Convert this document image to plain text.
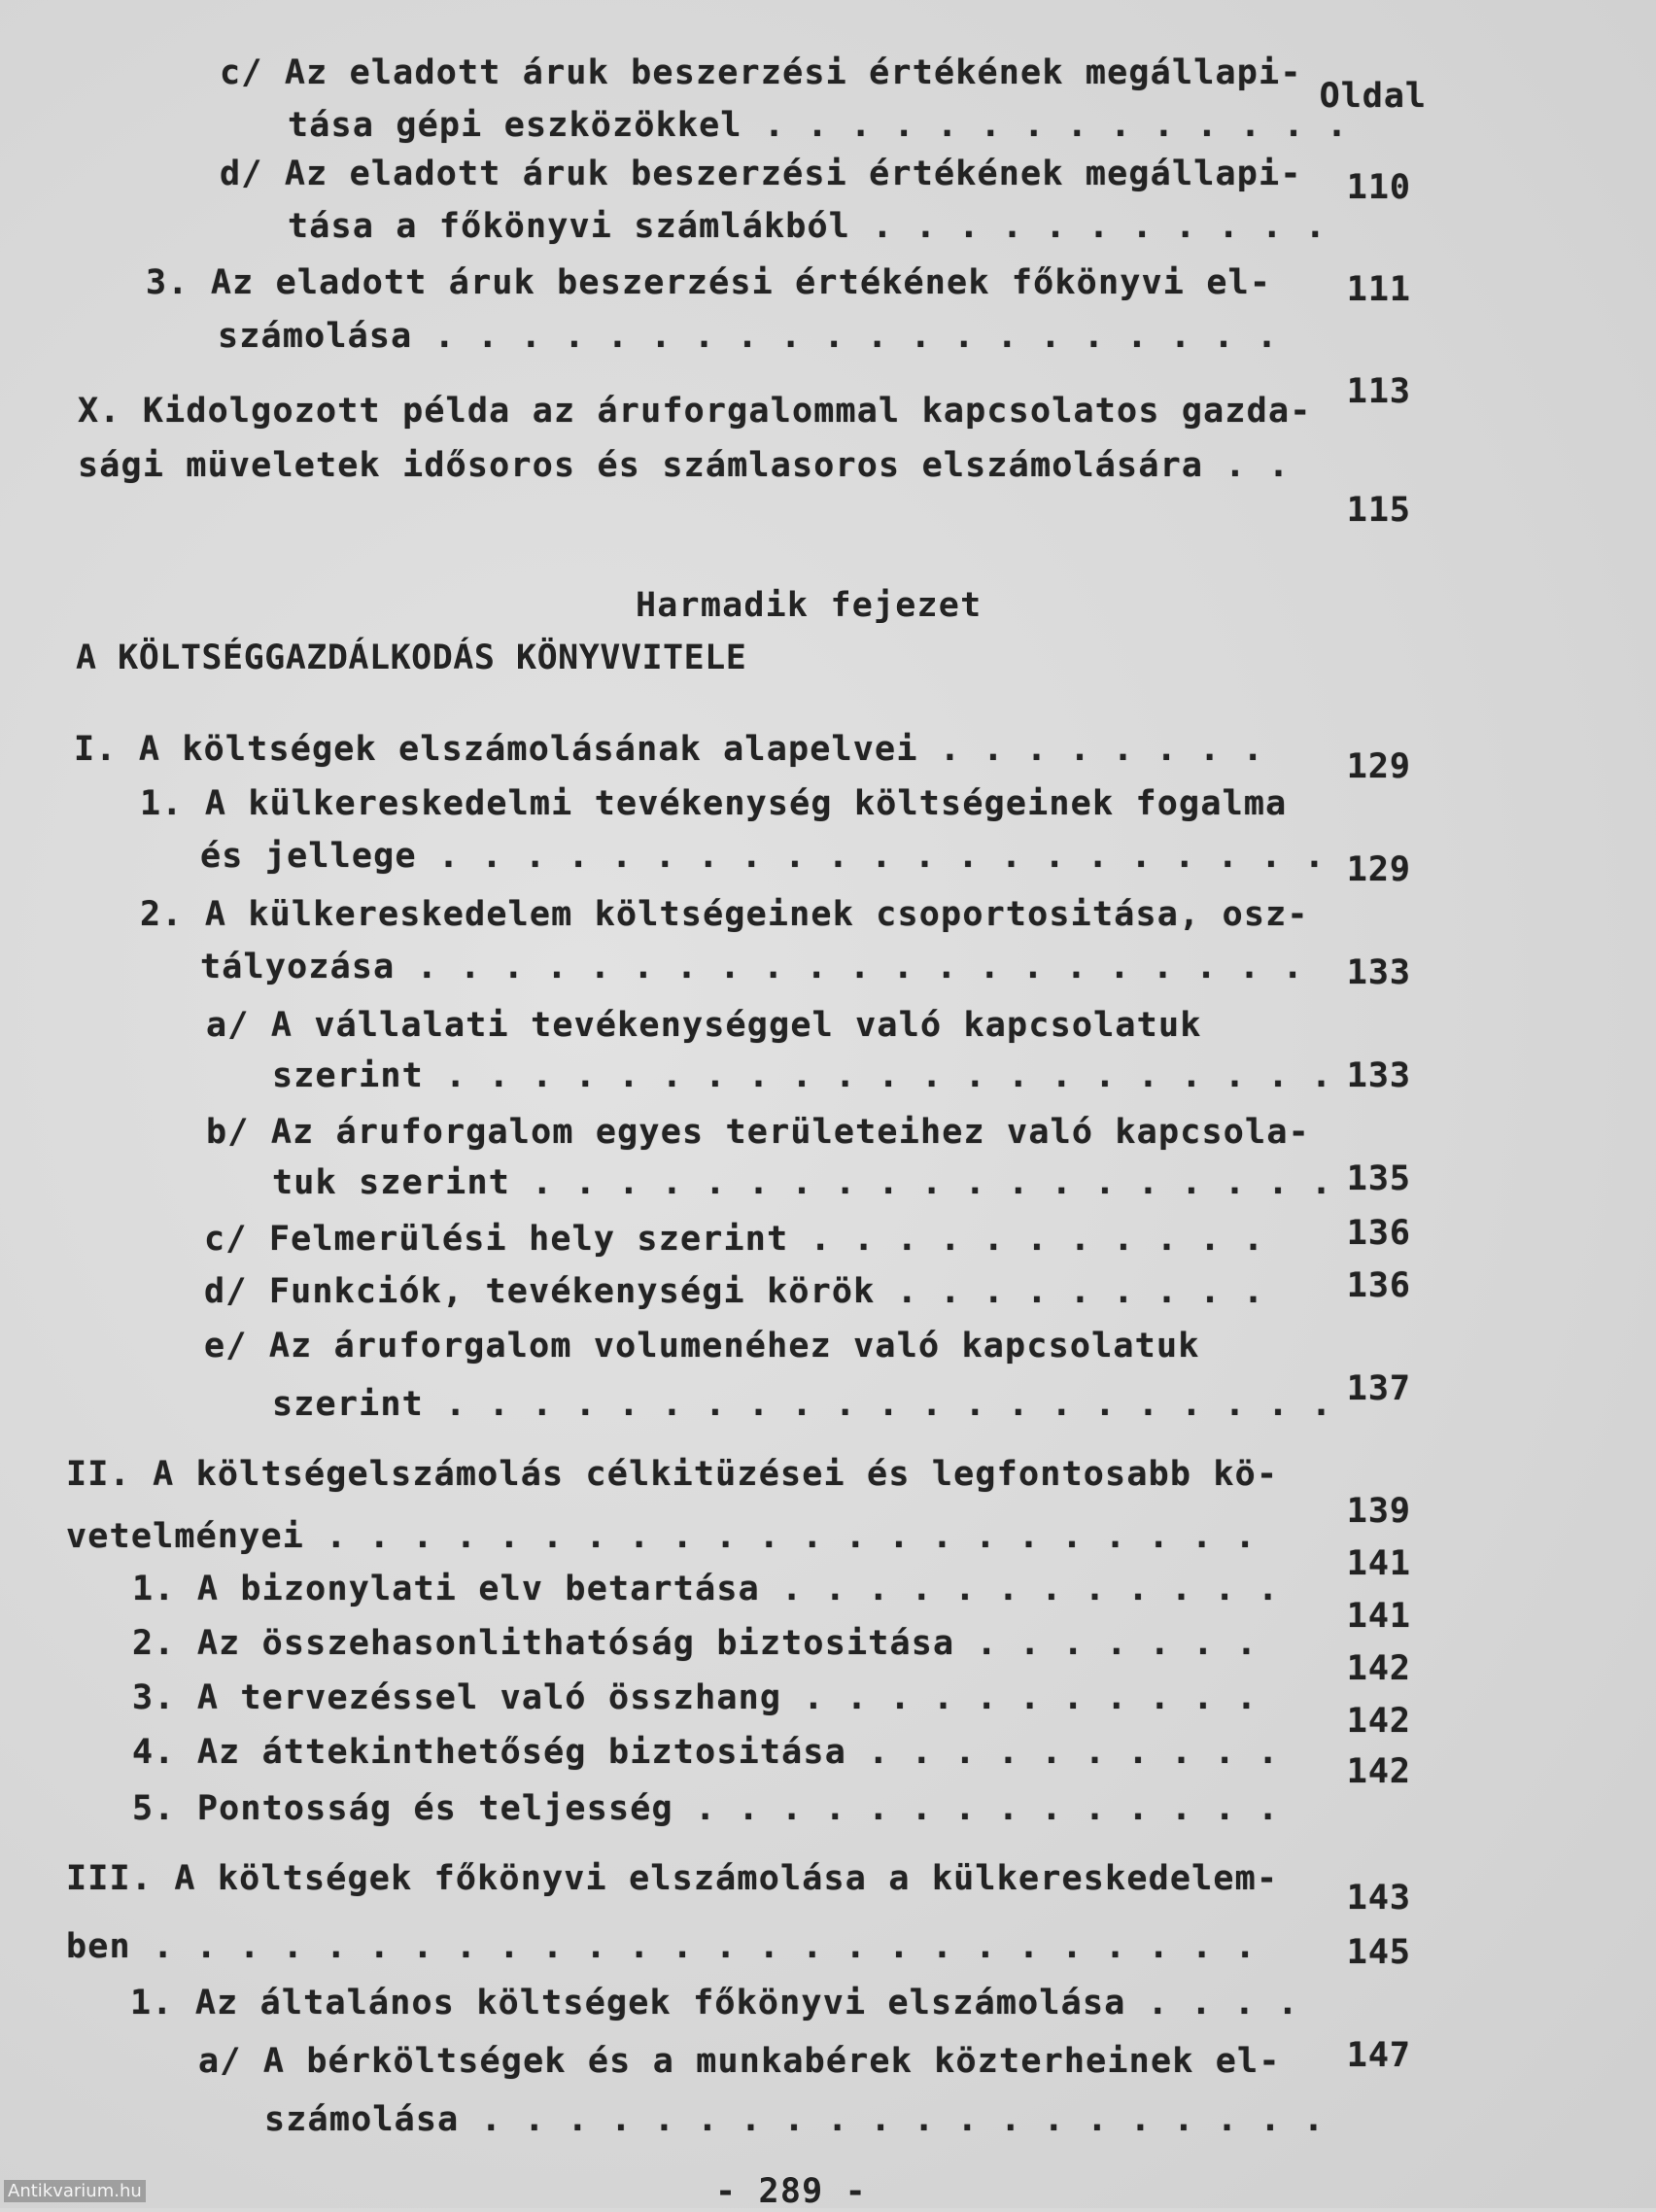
Oldal
c/ Az eladott áruk beszerzési értékének megállapi-
tása gépi eszközökkel . . . . . . . . . . . . . .
110
d/ Az eladott áruk beszerzési értékének megállapi-
tása a főkönyvi számlákból . . . . . . . . . . .
111
3. Az eladott áruk beszerzési értékének főkönyvi el-
számolása . . . . . . . . . . . . . . . . . . . .
113
X. Kidolgozott példa az áruforgalommal kapcsolatos gazda-
sági müveletek idősoros és számlasoros elszámolására . .
115
Harmadik fejezet
A KÖLTSÉGGAZDÁLKODÁS KÖNYVVITELE
I. A költségek elszámolásának alapelvei . . . . . . . . 129
1. A külkereskedelmi tevékenység költségeinek fogalma
és jellege . . . . . . . . . . . . . . . . . . . . . 129
2. A külkereskedelem költségeinek csoportositása, osz-
tályozása . . . . . . . . . . . . . . . . . . . . . 133
a/ A vállalati tevékenységgel való kapcsolatuk
szerint . . . . . . . . . . . . . . . . . . . . . 133
b/ Az áruforgalom egyes területeihez való kapcsola-
tuk szerint . . . . . . . . . . . . . . . . . . . 135
c/ Felmerülési hely szerint . . . . . . . . . . . 136
d/ Funkciók, tevékenységi körök . . . . . . . . . 136
e/ Az áruforgalom volumenéhez való kapcsolatuk
szerint . . . . . . . . . . . . . . . . . . . . . 137
II. A költségelszámolás célkitüzései és legfontosabb kö-
vetelményei . . . . . . . . . . . . . . . . . . . . . .
139
1. A bizonylati elv betartása . . . . . . . . . . . .
141
2. Az összehasonlithatóság biztositása . . . . . . .
141
3. A tervezéssel való összhang . . . . . . . . . . .
142
4. Az áttekinthetőség biztositása . . . . . . . . . .
142
5. Pontosság és teljesség . . . . . . . . . . . . . .
142
III. A költségek főkönyvi elszámolása a külkereskedelem-
ben . . . . . . . . . . . . . . . . . . . . . . . . . .
143
1. Az általános költségek főkönyvi elszámolása . . . .
145
a/ A bérköltségek és a munkabérek közterheinek el-
számolása . . . . . . . . . . . . . . . . . . . .
147
- 289 -
Antikvarium.hu
